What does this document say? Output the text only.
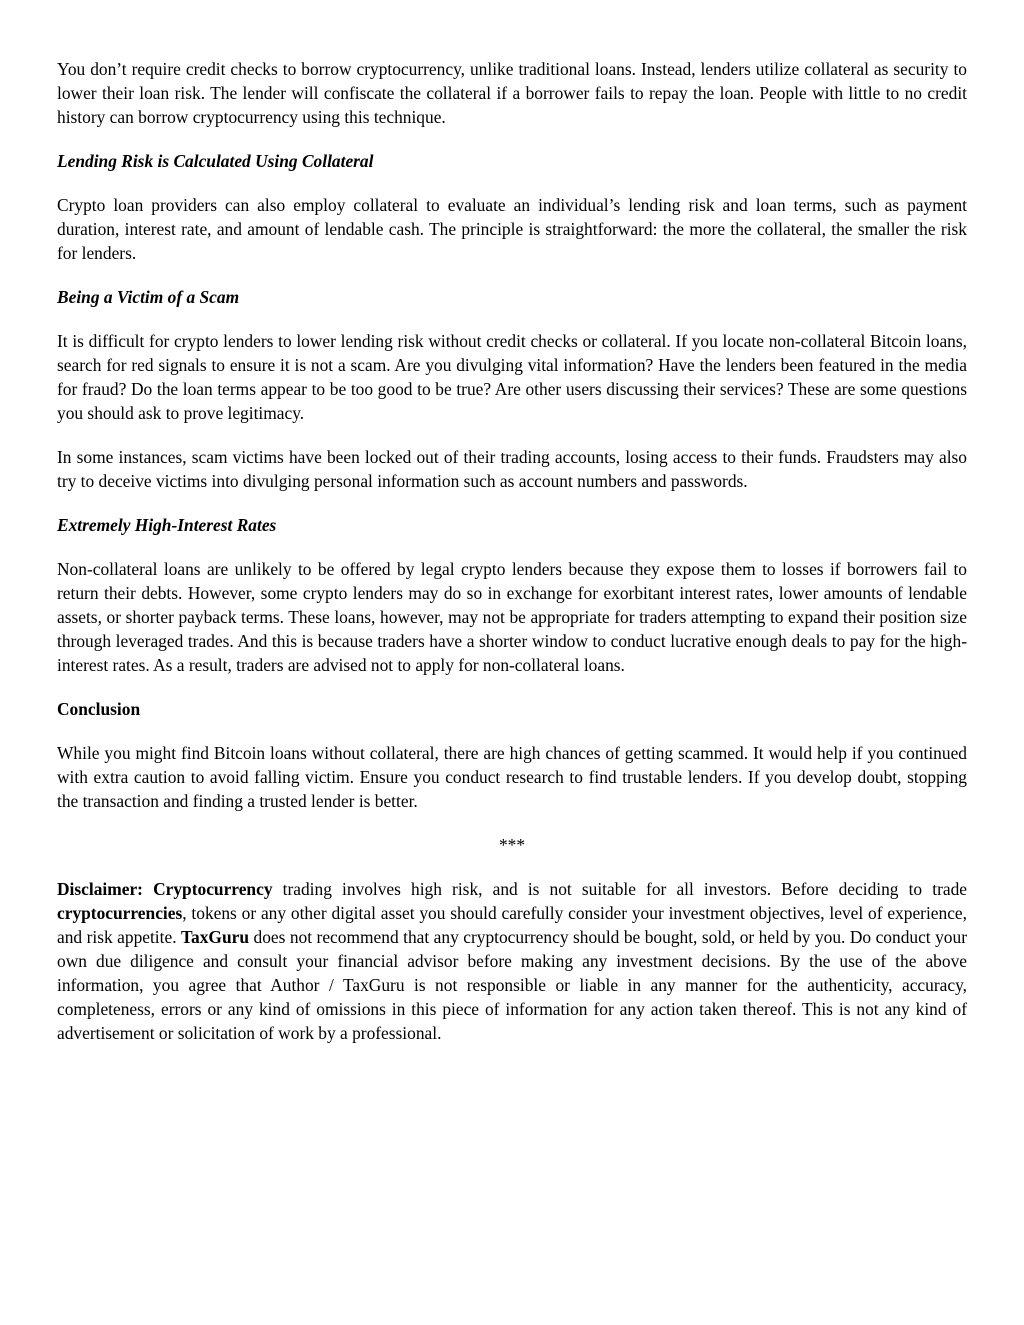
You don’t require credit checks to borrow cryptocurrency, unlike traditional loans. Instead, lenders utilize collateral as security to lower their loan risk. The lender will confiscate the collateral if a borrower fails to repay the loan. People with little to no credit history can borrow cryptocurrency using this technique.

Lending Risk is Calculated Using Collateral

Crypto loan providers can also employ collateral to evaluate an individual’s lending risk and loan terms, such as payment duration, interest rate, and amount of lendable cash. The principle is straightforward: the more the collateral, the smaller the risk for lenders.

Being a Victim of a Scam

It is difficult for crypto lenders to lower lending risk without credit checks or collateral. If you locate non-collateral Bitcoin loans, search for red signals to ensure it is not a scam. Are you divulging vital information? Have the lenders been featured in the media for fraud? Do the loan terms appear to be too good to be true? Are other users discussing their services? These are some questions you should ask to prove legitimacy.

In some instances, scam victims have been locked out of their trading accounts, losing access to their funds. Fraudsters may also try to deceive victims into divulging personal information such as account numbers and passwords.

Extremely High-Interest Rates

Non-collateral loans are unlikely to be offered by legal crypto lenders because they expose them to losses if borrowers fail to return their debts. However, some crypto lenders may do so in exchange for exorbitant interest rates, lower amounts of lendable assets, or shorter payback terms. These loans, however, may not be appropriate for traders attempting to expand their position size through leveraged trades. And this is because traders have a shorter window to conduct lucrative enough deals to pay for the high-interest rates. As a result, traders are advised not to apply for non-collateral loans.

Conclusion

While you might find Bitcoin loans without collateral, there are high chances of getting scammed. It would help if you continued with extra caution to avoid falling victim. Ensure you conduct research to find trustable lenders. If you develop doubt, stopping the transaction and finding a trusted lender is better.

***

Disclaimer: Cryptocurrency trading involves high risk, and is not suitable for all investors. Before deciding to trade cryptocurrencies, tokens or any other digital asset you should carefully consider your investment objectives, level of experience, and risk appetite. TaxGuru does not recommend that any cryptocurrency should be bought, sold, or held by you. Do conduct your own due diligence and consult your financial advisor before making any investment decisions. By the use of the above information, you agree that Author / TaxGuru is not responsible or liable in any manner for the authenticity, accuracy, completeness, errors or any kind of omissions in this piece of information for any action taken thereof. This is not any kind of advertisement or solicitation of work by a professional.
